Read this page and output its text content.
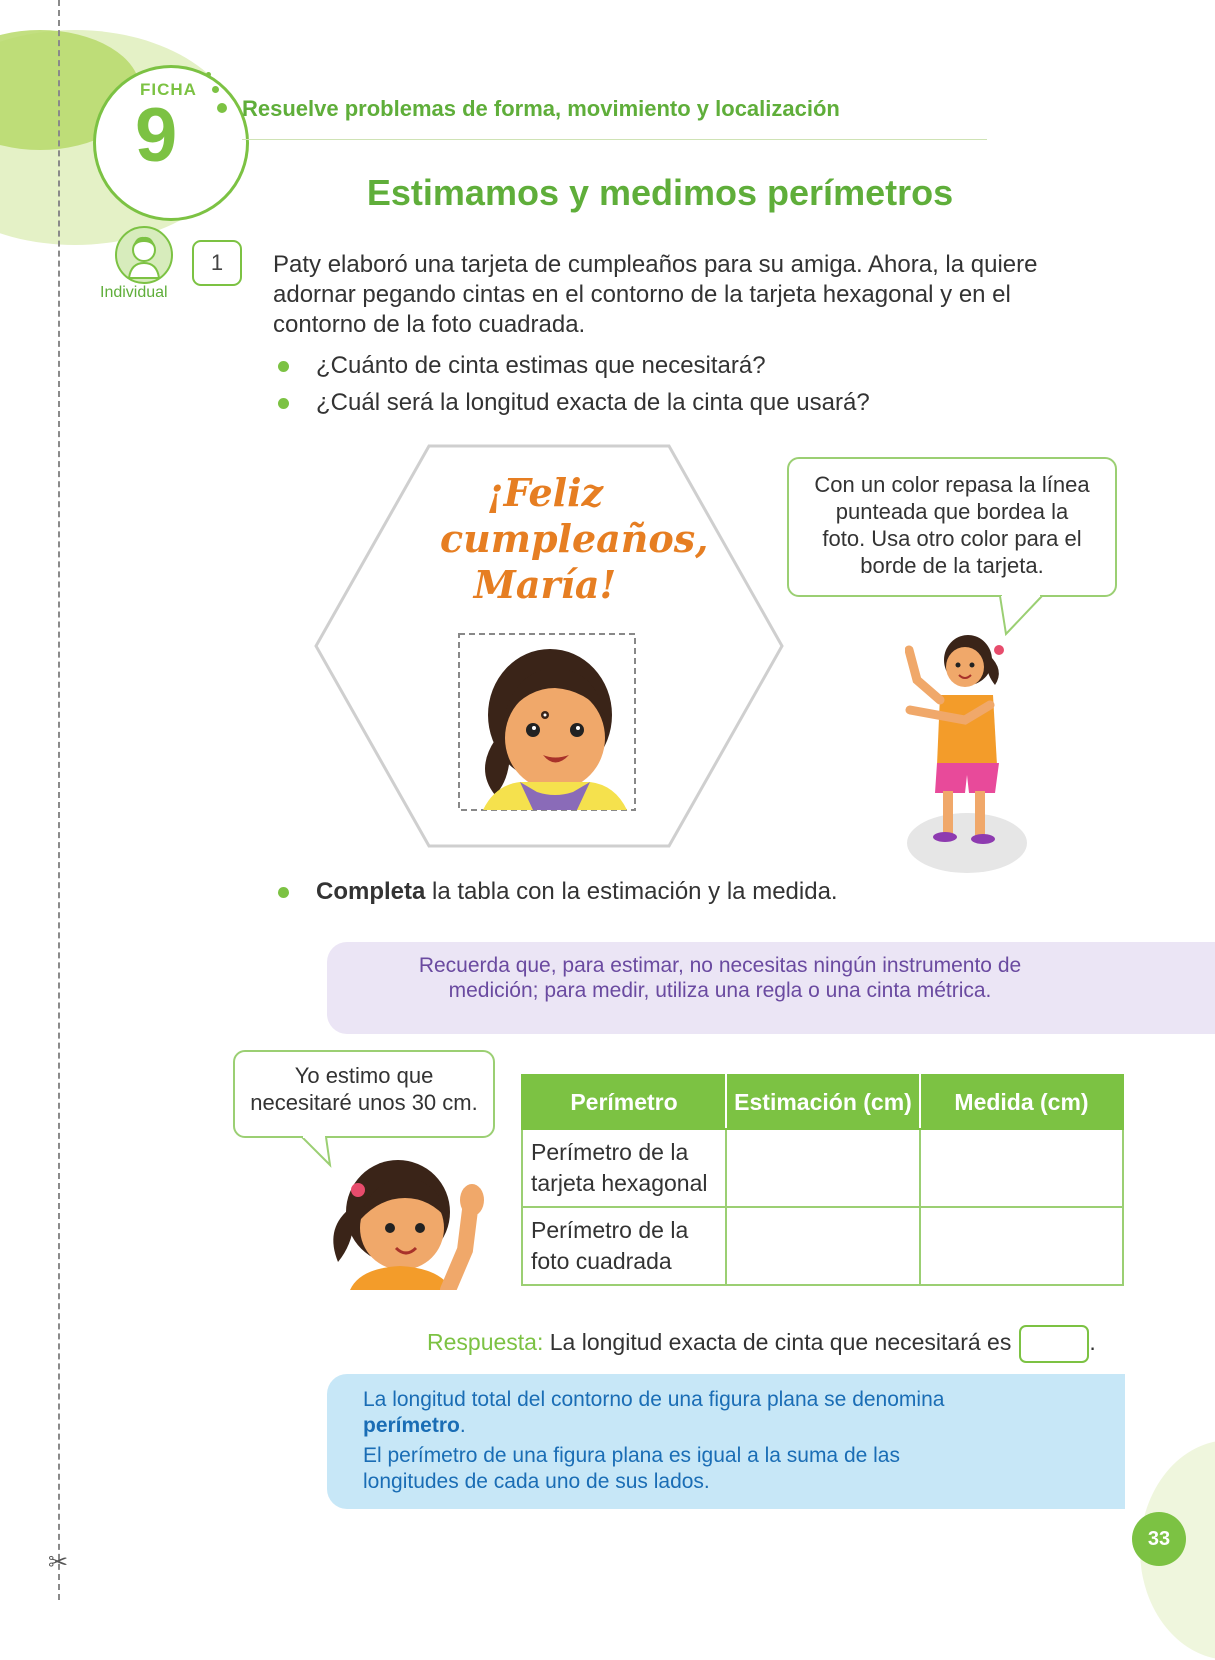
✂
FICHA
9	Resuelve problemas de forma, movimiento y localización
Estimamos y medimos perímetros
Individual
1	Paty elaboró una tarjeta de cumpleaños para su amiga. Ahora, la quiere
adornar pegando cintas en el contorno de la tarjeta hexagonal y en el
contorno de la foto cuadrada.
¿Cuánto de cinta estimas que necesitará?
¿Cuál será la longitud exacta de la cinta que usará?
¡Feliz
cumpleaños,
María!
Con un color repasa la línea
punteada que bordea la
foto. Usa otro color para el
borde de la tarjeta.
Completa la tabla con la estimación y la medida.
Recuerda que, para estimar, no necesitas ningún instrumento de
medición; para medir, utiliza una regla o una cinta métrica.
Yo estimo que
necesitaré unos 30 cm.	Perímetro	Estimación (cm)	Medida (cm)

Perímetro de la
tarjeta hexagonal		

Perímetro de la
foto cuadrada		

Respuesta: La longitud exacta de cinta que necesitará es	.
La longitud total del contorno de una figura plana se denomina
perímetro.
El perímetro de una figura plana es igual a la suma de las
longitudes de cada uno de sus lados.
33
